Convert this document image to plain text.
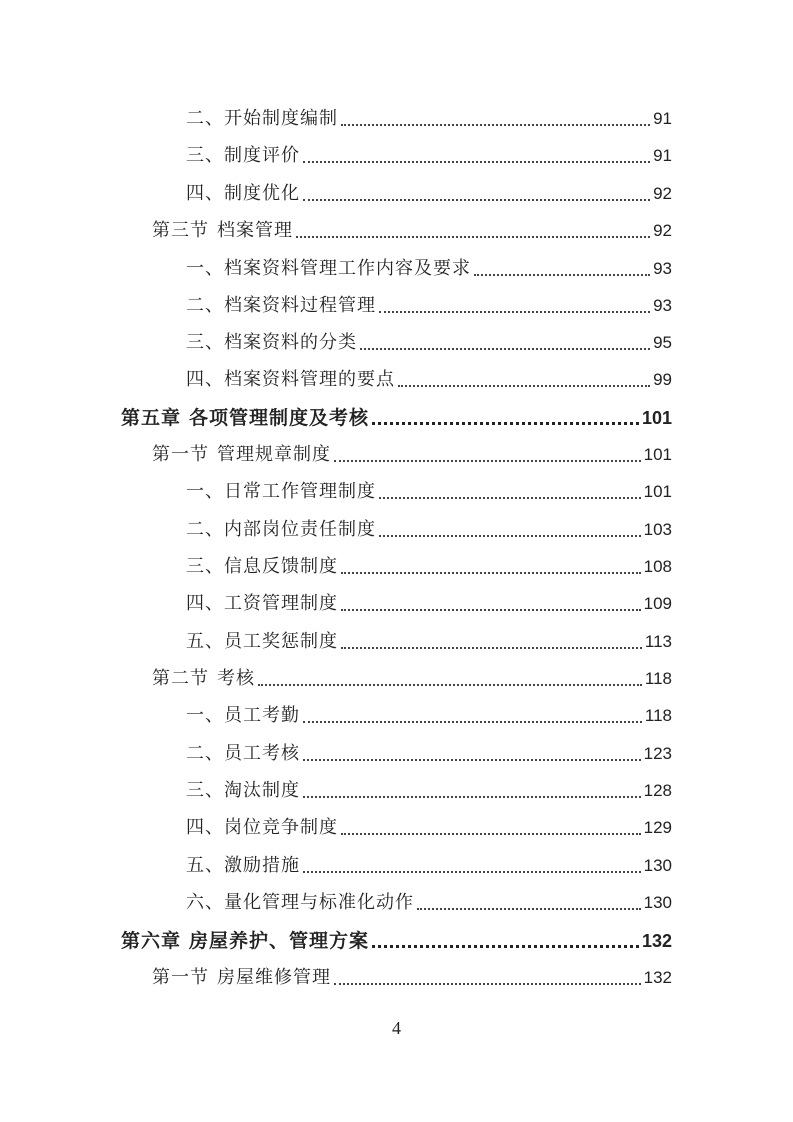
二、开始制度编制	91
三、制度评价	91
四、制度优化	92
第三节 档案管理	92
一、档案资料管理工作内容及要求	93
二、档案资料过程管理	93
三、档案资料的分类	95
四、档案资料管理的要点	99
第五章 各项管理制度及考核	101
第一节 管理规章制度	101
一、日常工作管理制度	101
二、内部岗位责任制度	103
三、信息反馈制度	108
四、工资管理制度	109
五、员工奖惩制度	113
第二节 考核	118
一、员工考勤	118
二、员工考核	123
三、淘汰制度	128
四、岗位竞争制度	129
五、激励措施	130
六、量化管理与标准化动作	130
第六章 房屋养护、管理方案	132
第一节 房屋维修管理	132
4
